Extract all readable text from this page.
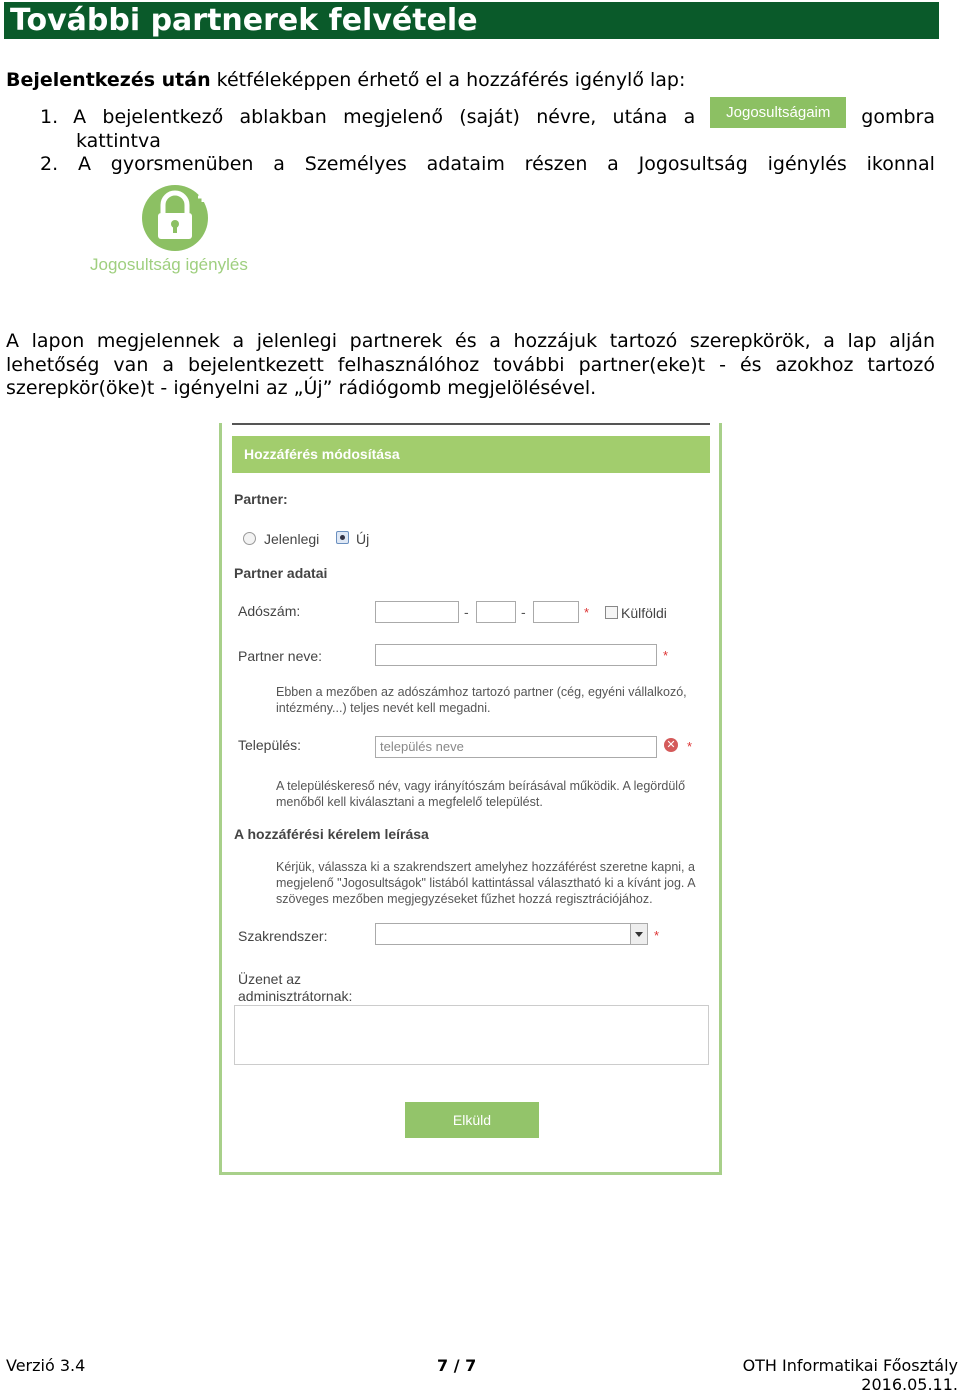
További partnerek felvétele
Bejelentkezés után kétféleképpen érhető el a hozzáférés igénylő lap:
1. A bejelentkező ablakban megjelenő (saját) névre, utána a	Jogosultságaim	gombra
kattintva
2. A gyorsmenüben a Személyes adataim részen a Jogosultság igénylés ikonnal
Jogosultság igénylés
A lapon megjelennek a jelenlegi partnerek és a hozzájuk tartozó szerepkörök, a lap alján lehetőség van a bejelentkezett felhasználóhoz további partner(eke)t - és azokhoz tartozó szerepkör(öke)t - igényelni az „Új” rádiógomb megjelölésével.
Hozzáférés módosítása
Partner:
Jelenlegi	Új
Partner adatai
Adószám:	-	-	* Külföldi
Partner neve:	*
Ebben a mezőben az adószámhoz tartozó partner (cég, egyéni vállalkozó, intézmény...) teljes nevét kell megadni.
Település:	település neve	✕ *
A településkereső név, vagy irányítószám beírásával működik. A legördülő menőből kell kiválasztani a megfelelő települést.
A hozzáférési kérelem leírása
Kérjük, válassza ki a szakrendszert amelyhez hozzáférést szeretne kapni, a megjelenő "Jogosultságok" listából kattintással választható ki a kívánt jog. A szöveges mezőben megjegyzéseket fűzhet hozzá regisztrációjához.
Szakrendszer:	*
Üzenet az
adminisztrátornak:
Elküld
Verzió 3.4	7 / 7	OTH Informatikai Főosztály
2016.05.11.
